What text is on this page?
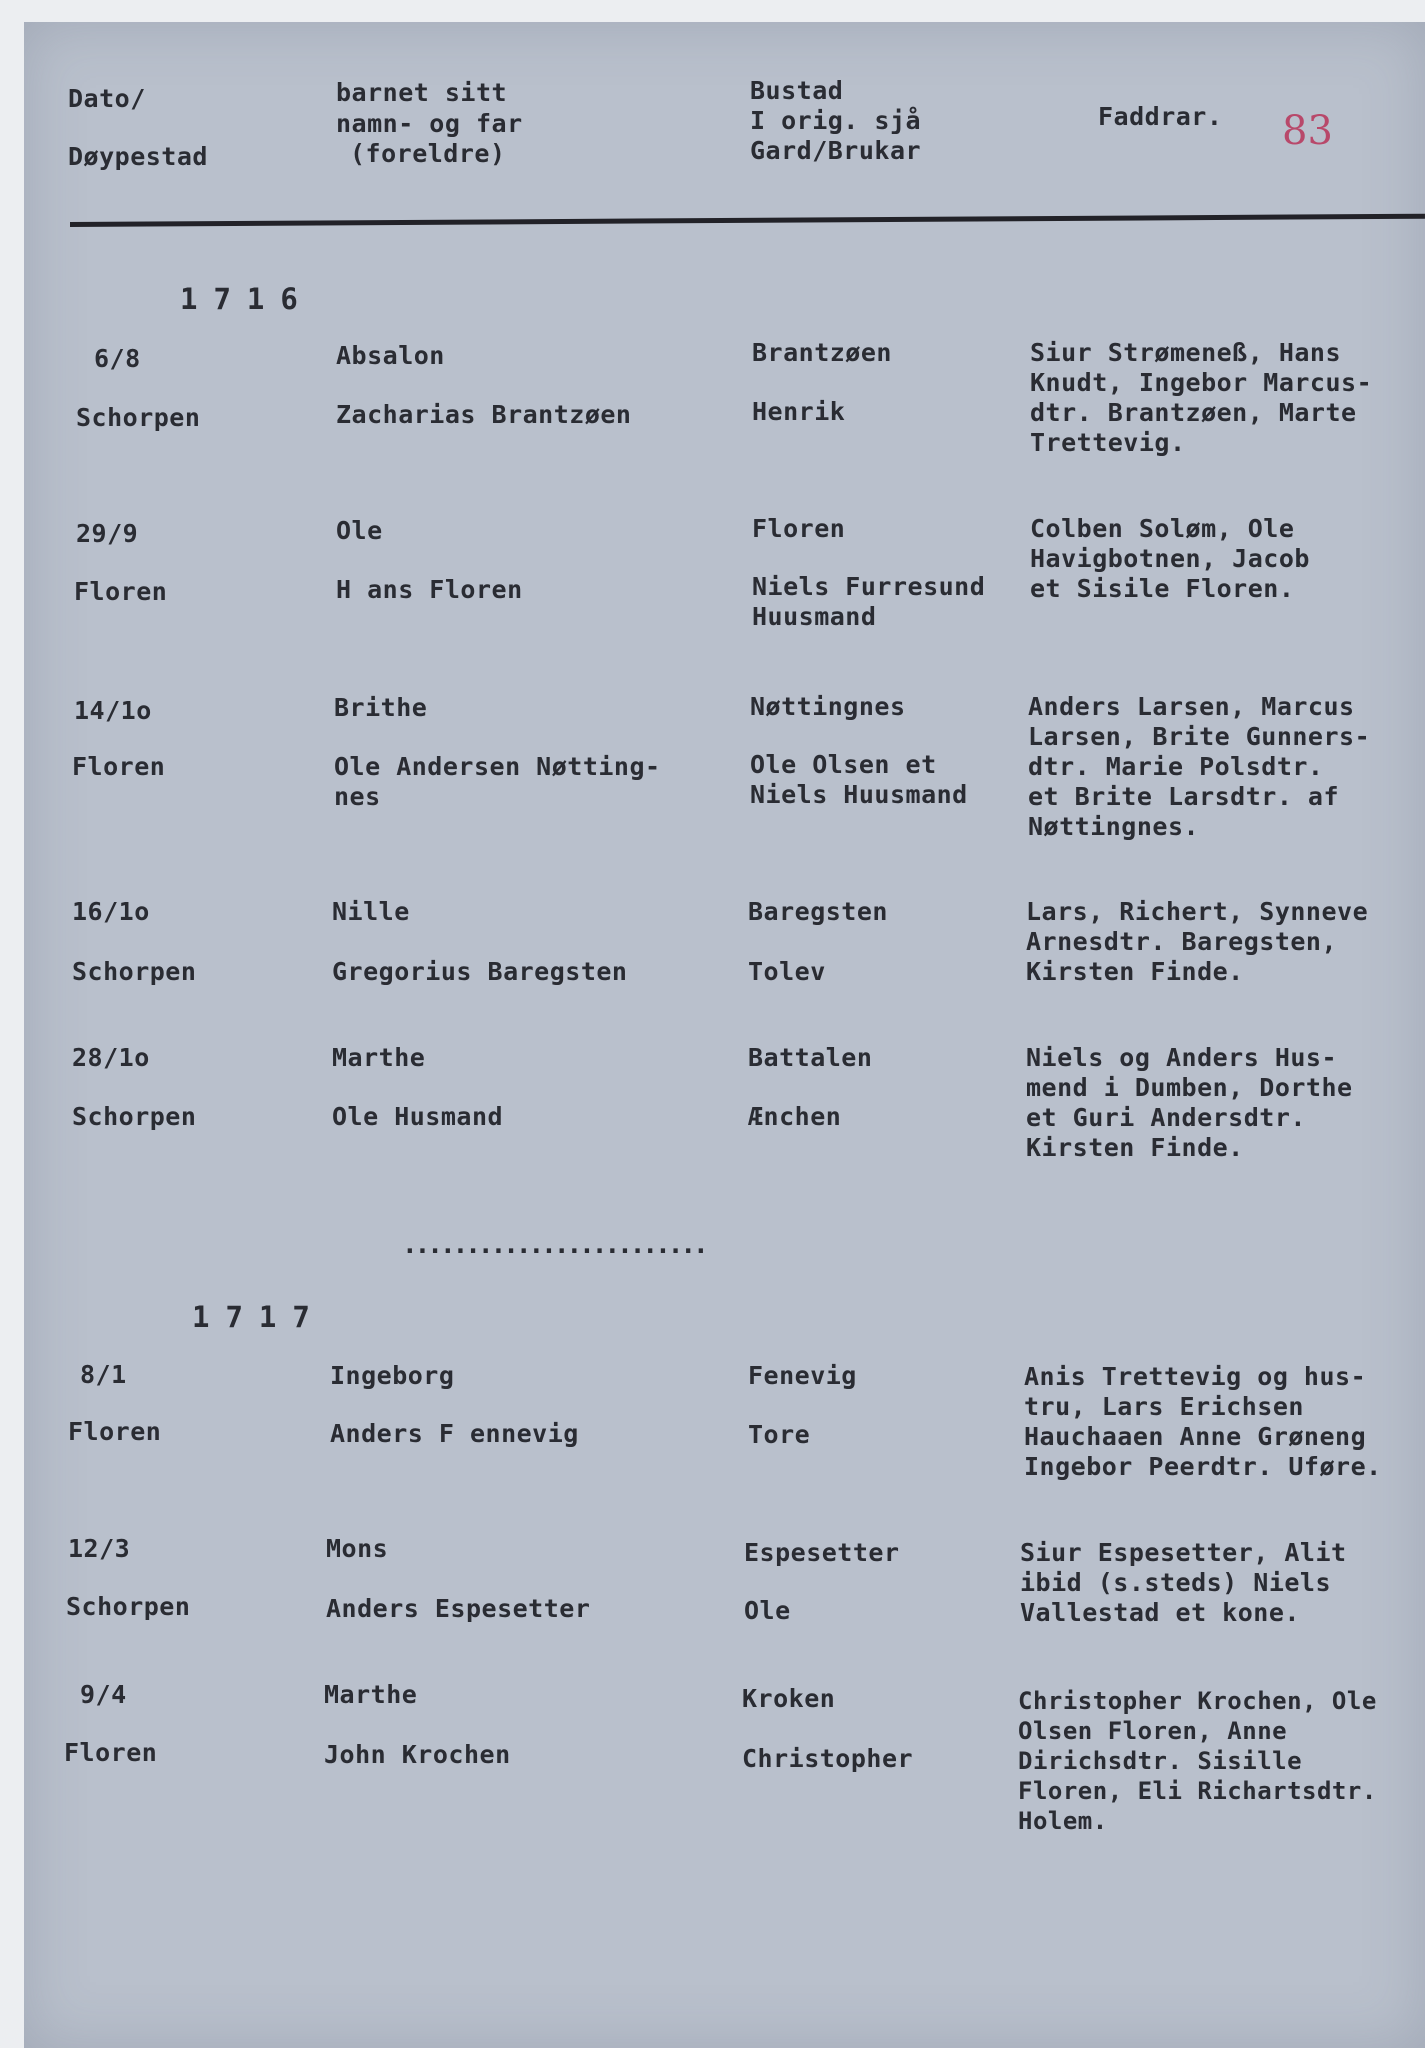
Dato/

Døypestad

barnet sitt

namn- og far

(foreldre)

Bustad

I orig. sjå

Gard/Brukar

Faddrar. 83

1716

6/8

Schorpen

Absalon

Zacharias Brantzøen

Brantzøen

Henrik

Siur Strømeneß, Hans
Knudt, Ingebor Marcus-
dtr. Brantzøen, Marte
Trettevig.

29/9

Floren

Ole

H ans Floren

Floren

Niels Furresund
Huusmand

Colben Soløm, Ole
Havigbotnen, Jacob
et Sisile Floren.

14/1o

Floren

Brithe

Ole Andersen Nøtting-
nes

Nøttingnes

Ole Olsen et
Niels Huusmand

Anders Larsen, Marcus
Larsen, Brite Gunners-
dtr. Marie Polsdtr.
et Brite Larsdtr. af
Nøttingnes.

16/1o

Schorpen

Nille

Gregorius Baregsten

Baregsten

Tolev

Lars, Richert, Synneve
Arnesdtr. Baregsten,
Kirsten Finde.

28/1o

Schorpen

Marthe

Ole Husmand

Battalen

Ænchen

Niels og Anders Hus-
mend i Dumben, Dorthe
et Guri Andersdtr.
Kirsten Finde.

........................

1717

8/1

Floren

Ingeborg

Anders F ennevig

Fenevig

Tore

Anis Trettevig og hus-
tru, Lars Erichsen
Hauchaaen Anne Grøneng
Ingebor Peerdtr. Uføre.

12/3

Schorpen

Mons

Anders Espesetter

Espesetter

Ole

Siur Espesetter, Alit
ibid (s.steds) Niels
Vallestad et kone.

9/4

Floren

Marthe

John Krochen

Kroken

Christopher

Christopher Krochen, Ole
Olsen Floren, Anne
Dirichsdtr. Sisille
Floren, Eli Richartsdtr.
Holem.
